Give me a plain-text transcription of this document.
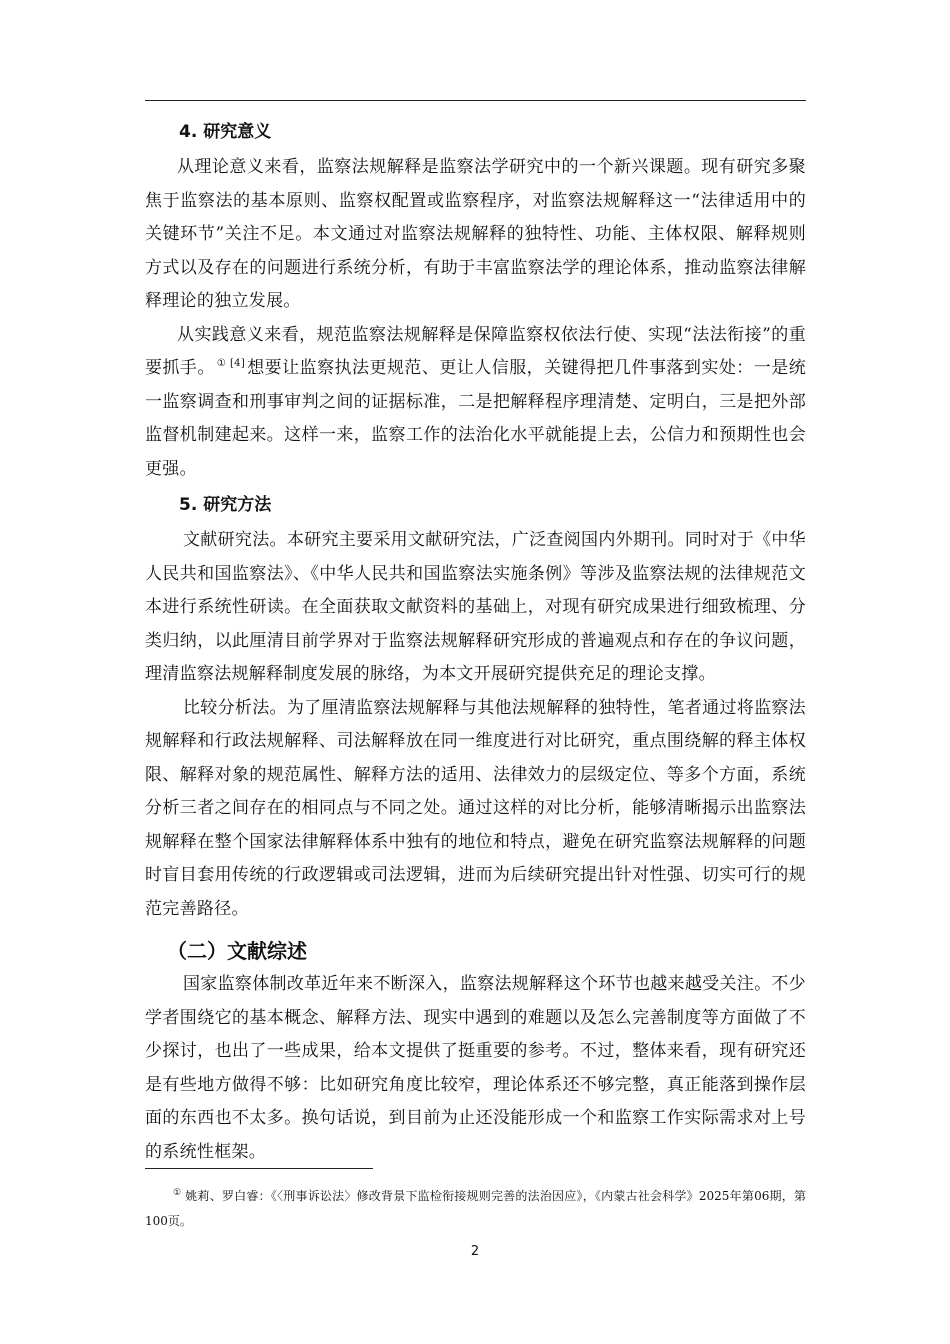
4. 研究意义

从理论意义来看，监察法规解释是监察法学研究中的一个新兴课题。现有研究多聚焦于监察法的基本原则、监察权配置或监察程序，对监察法规解释这一“法律适用中的关键环节”关注不足。本文通过对监察法规解释的独特性、功能、主体权限、解释规则方式以及存在的问题进行系统分析，有助于丰富监察法学的理论体系，推动监察法律解释理论的独立发展。

从实践意义来看，规范监察法规解释是保障监察权依法行使、实现“法法衔接”的重要抓手。 $^{① [4]}$ 想要让监察执法更规范、更让人信服，关键得把几件事落到实处：一是统一监察调查和刑事审判之间的证据标准，二是把解释程序理清楚、定明白，三是把外部监督机制建起来。这样一来，监察工作的法治化水平就能提上去，公信力和预期性也会更强。

5. 研究方法

文献研究法。本研究主要采用文献研究法，广泛查阅国内外期刊。同时对于《中华人民共和国监察法》、《中华人民共和国监察法实施条例》等涉及监察法规的法律规范文本进行系统性研读。在全面获取文献资料的基础上，对现有研究成果进行细致梳理、分类归纳，以此厘清目前学界对于监察法规解释研究形成的普遍观点和存在的争议问题，理清监察法规解释制度发展的脉络，为本文开展研究提供充足的理论支撑。

比较分析法。为了厘清监察法规解释与其他法规解释的独特性，笔者通过将监察法规解释和行政法规解释、司法解释放在同一维度进行对比研究，重点围绕解的释主体权限、解释对象的规范属性、解释方法的适用、法律效力的层级定位、等多个方面，系统分析三者之间存在的相同点与不同之处。通过这样的对比分析，能够清晰揭示出监察法规解释在整个国家法律解释体系中独有的地位和特点，避免在研究监察法规解释的问题时盲目套用传统的行政逻辑或司法逻辑，进而为后续研究提出针对性强、切实可行的规范完善路径。

（二）文献综述

国家监察体制改革近年来不断深入，监察法规解释这个环节也越来越受关注。不少学者围绕它的基本概念、解释方法、现实中遇到的难题以及怎么完善制度等方面做了不少探讨，也出了一些成果，给本文提供了挺重要的参考。不过，整体来看，现有研究还是有些地方做得不够：比如研究角度比较窄，理论体系还不够完整，真正能落到操作层面的东西也不太多。换句话说，到目前为止还没能形成一个和监察工作实际需求对上号的系统性框架。

① 姚莉、罗白睿：《〈刑事诉讼法〉修改背景下监检衔接规则完善的法治因应》，《内蒙古社会科学》2025年第06期，第100页。

2
